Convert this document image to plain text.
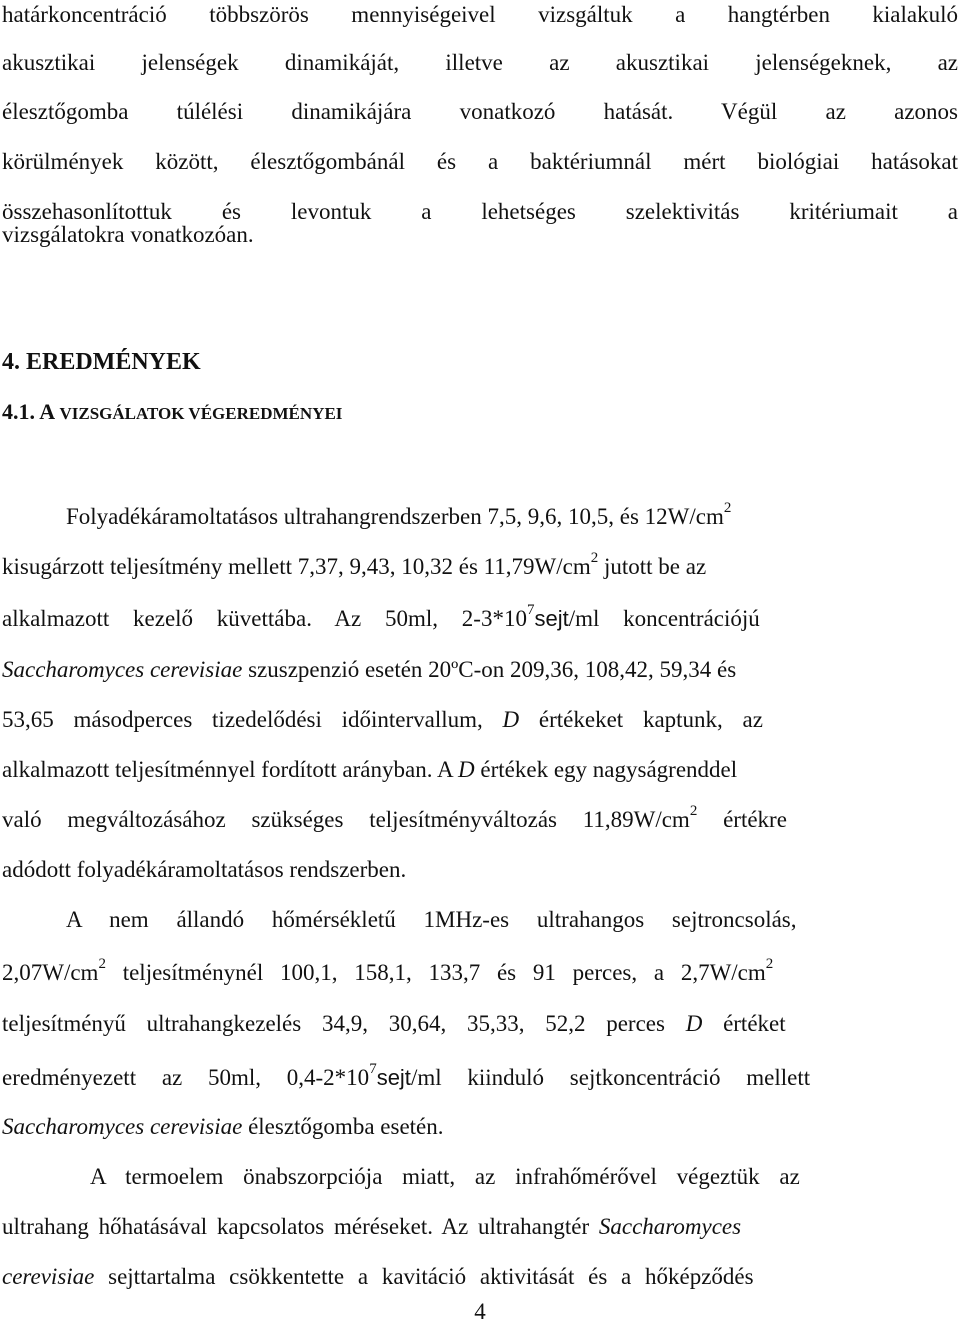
határkoncentráció többszörös mennyiségeivel vizsgáltuk a hangtérben kialakuló
akusztikai jelenségek dinamikáját, illetve az akusztikai jelenségeknek, az
élesztőgomba túlélési dinamikájára vonatkozó hatását. Végül az azonos
körülmények között, élesztőgombánál és a baktériumnál mért biológiai hatásokat
összehasonlítottuk és levontuk a lehetséges szelektivitás kritériumait a
vizsgálatokra vonatkozóan.
4. EREDMÉNYEK
4.1. A VIZSGÁLATOK VÉGEREDMÉNYEI
Folyadékáramoltatásos ultrahangrendszerben 7,5, 9,6, 10,5, és $12W/cm^2$
kisugárzott teljesítmény mellett 7,37, 9,43, 10,32 és $11,79W/cm^2$ jutott be az
alkalmazott kezelő küvettába. Az 50ml, $2-3*10^7sejt/ml$ koncentrációjú
Saccharomyces cerevisiae szuszpenzió esetén 20ºC-on 209,36, 108,42, 59,34 és
53,65 másodperces tizedelődési időintervallum, D értékeket kaptunk, az
alkalmazott teljesítménnyel fordított arányban. A D értékek egy nagyságrenddel
való megváltozásához szükséges teljesítményváltozás $11,89W/cm^2$ értékre
adódott folyadékáramoltatásos rendszerben.
A nem állandó hőmérsékletű 1MHz-es ultrahangos sejtroncsolás,
$2,07W/cm^2$ teljesítménynél 100,1, 158,1, 133,7 és 91 perces, a $2,7W/cm^2$
teljesítményű ultrahangkezelés 34,9, 30,64, 35,33, 52,2 perces D értéket
eredményezett az 50ml, $0,4-2*10^7sejt/ml$ kiinduló sejtkoncentráció mellett
Saccharomyces cerevisiae élesztőgomba esetén.
A termoelem önabszorpciója miatt, az infrahőmérővel végeztük az
ultrahang hőhatásával kapcsolatos méréseket. Az ultrahangtér Saccharomyces
cerevisiae sejttartalma csökkentette a kavitáció aktivitását és a hőképződés
4
